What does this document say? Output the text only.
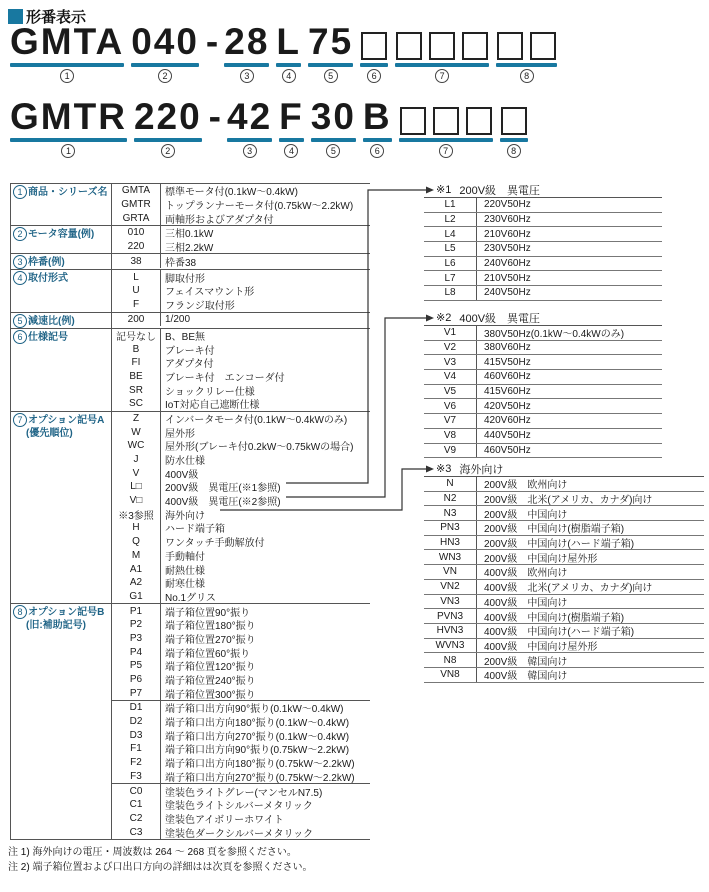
形番表示
GMTA
1
040
2
- 28
3
L
4
75
5	6	7	8
GMTR
1
220
2
- 42
3
F
4
30
5
B
6	7	8
1 商品・シリーズ名	GMTA	標準モータ付(0.1kW〜0.4kW)
GMTR	トップランナーモータ付(0.75kW〜2.2kW)
GRTA	両軸形およびアダプタ付
2 モータ容量(例)	010	三相0.1kW
220	三相2.2kW
3 枠番(例)	38	枠番38
4 取付形式	L	脚取付形
U	フェイスマウント形
F	フランジ取付形
5 減速比(例)	200	1/200
6 仕様記号	記号なし B、BE無
B	ブレーキ付
FI	アダプタ付
BE	ブレーキ付　エンコーダ付
SR	ショックリレー仕様
SC	IoT対応自己遮断仕様
7 オプション記号A
(優先順位)
Z	インバータモータ付(0.1kW〜0.4kWのみ)
W	屋外形
WC	屋外形(ブレーキ付0.2kW〜0.75kWの場合)
J	防水仕様
V	400V級
L□	200V級　異電圧(※1参照)
V□	400V級　異電圧(※2参照)
※3参照	海外向け
H	ハード端子箱
Q	ワンタッチ手動解放付
M	手動軸付
A1	耐熱仕様
A2	耐寒仕様
G1	No.1グリス
8 オプション記号B
(旧:補助記号)
P1	端子箱位置90°振り
P2	端子箱位置180°振り
P3	端子箱位置270°振り
P4	端子箱位置60°振り
P5	端子箱位置120°振り
P6	端子箱位置240°振り
P7	端子箱位置300°振り
D1	端子箱口出方向90°振り(0.1kW〜0.4kW)
D2	端子箱口出方向180°振り(0.1kW〜0.4kW)
D3	端子箱口出方向270°振り(0.1kW〜0.4kW)
F1	端子箱口出方向90°振り(0.75kW〜2.2kW)
F2	端子箱口出方向180°振り(0.75kW〜2.2kW)
F3	端子箱口出方向270°振り(0.75kW〜2.2kW)
C0	塗装色ライトグレー(マンセルN7.5)
C1	塗装色ライトシルバーメタリック
C2	塗装色アイボリーホワイト
C3	塗装色ダークシルバーメタリック
※1 200V級　異電圧
L1	220V50Hz
L2	230V60Hz
L4	210V60Hz
L5	230V50Hz
L6	240V60Hz
L7	210V50Hz
L8	240V50Hz
※2 400V級　異電圧
V1	380V50Hz(0.1kW〜0.4kWのみ)
V2	380V60Hz
V3	415V50Hz
V4	460V60Hz
V5	415V60Hz
V6	420V50Hz
V7	420V60Hz
V8	440V50Hz
V9	460V50Hz
※3 海外向け
N	200V級 欧州向け
N2	200V級 北米(アメリカ、カナダ)向け
N3	200V級 中国向け
PN3	200V級 中国向け(樹脂端子箱)
HN3	200V級 中国向け(ハード端子箱)
WN3	200V級 中国向け屋外形
VN	400V級 欧州向け
VN2	400V級 北米(アメリカ、カナダ)向け
VN3	400V級 中国向け
PVN3	400V級 中国向け(樹脂端子箱)
HVN3	400V級 中国向け(ハード端子箱)
WVN3	400V級 中国向け屋外形
N8	200V級 韓国向け
VN8	400V級 韓国向け
注 1) 海外向けの電圧・周波数は 264 〜 268 頁を参照ください。
注 2) 端子箱位置および口出口方向の詳細はは次頁を参照ください。
